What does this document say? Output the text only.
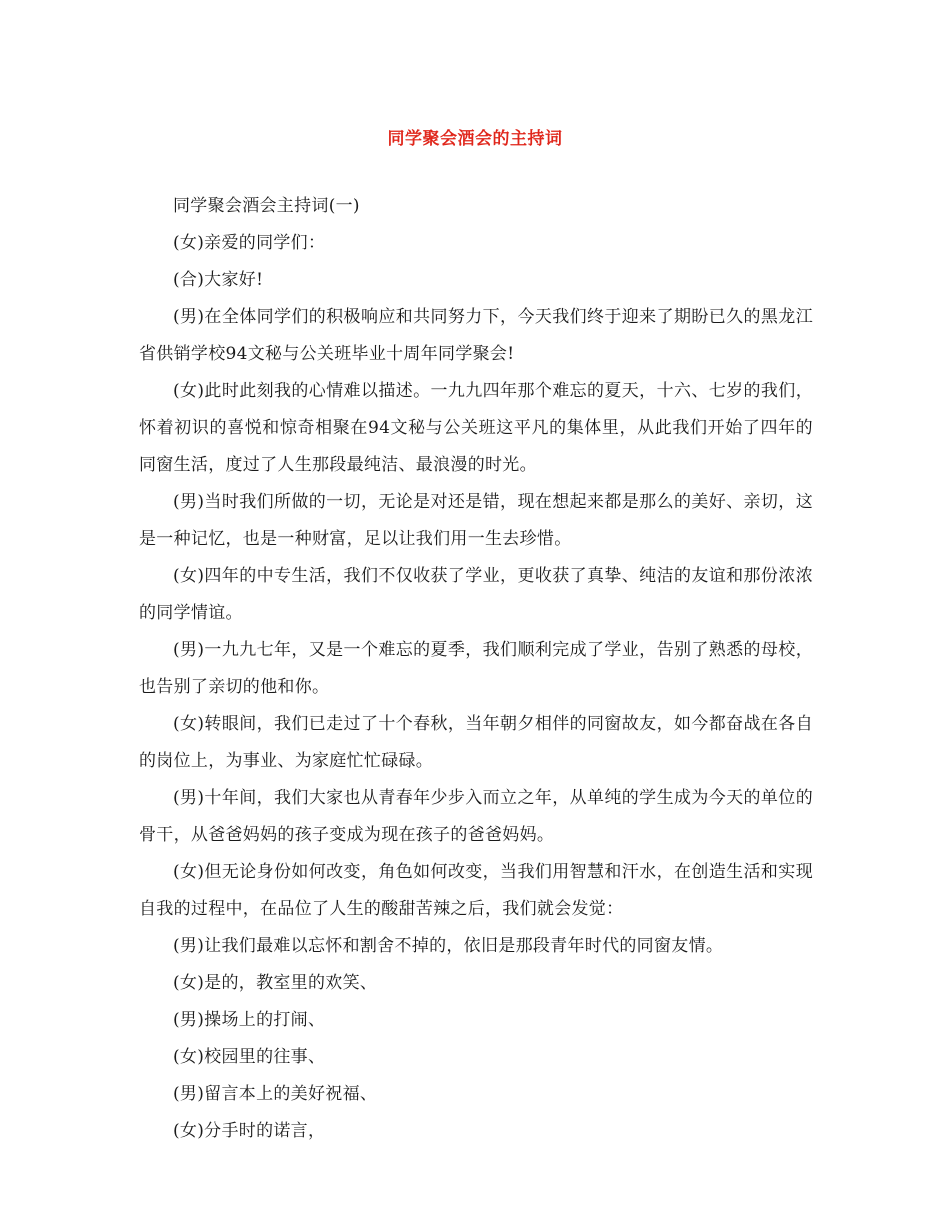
同学聚会酒会的主持词

同学聚会酒会主持词(一)

(女)亲爱的同学们：

(合)大家好!

(男)在全体同学们的积极响应和共同努力下，今天我们终于迎来了期盼已久的黑龙江省供销学校94文秘与公关班毕业十周年同学聚会!

(女)此时此刻我的心情难以描述。一九九四年那个难忘的夏天，十六、七岁的我们，怀着初识的喜悦和惊奇相聚在94文秘与公关班这平凡的集体里，从此我们开始了四年的同窗生活，度过了人生那段最纯洁、最浪漫的时光。

(男)当时我们所做的一切，无论是对还是错，现在想起来都是那么的美好、亲切，这是一种记忆，也是一种财富，足以让我们用一生去珍惜。

(女)四年的中专生活，我们不仅收获了学业，更收获了真挚、纯洁的友谊和那份浓浓的同学情谊。

(男)一九九七年，又是一个难忘的夏季，我们顺利完成了学业，告别了熟悉的母校，也告别了亲切的他和你。

(女)转眼间，我们已走过了十个春秋，当年朝夕相伴的同窗故友，如今都奋战在各自的岗位上，为事业、为家庭忙忙碌碌。

(男)十年间，我们大家也从青春年少步入而立之年，从单纯的学生成为今天的单位的骨干，从爸爸妈妈的孩子变成为现在孩子的爸爸妈妈。

(女)但无论身份如何改变，角色如何改变，当我们用智慧和汗水，在创造生活和实现自我的过程中，在品位了人生的酸甜苦辣之后，我们就会发觉：

(男)让我们最难以忘怀和割舍不掉的，依旧是那段青年时代的同窗友情。

(女)是的，教室里的欢笑、

(男)操场上的打闹、

(女)校园里的往事、

(男)留言本上的美好祝福、

(女)分手时的诺言，
